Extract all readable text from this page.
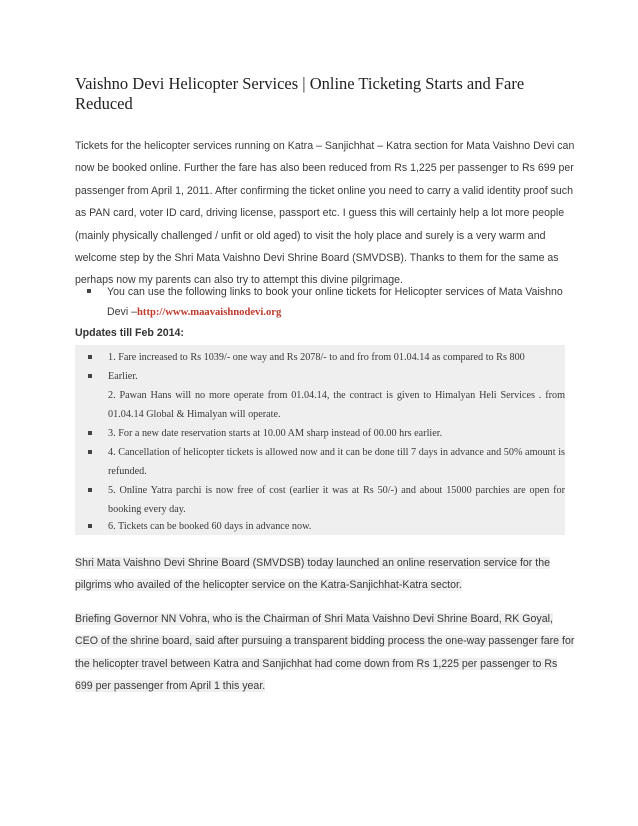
Vaishno Devi Helicopter Services | Online Ticketing Starts and Fare Reduced

Tickets for the helicopter services running on Katra – Sanjichhat – Katra section for Mata Vaishno Devi can now be booked online. Further the fare has also been reduced from Rs 1,225 per passenger to Rs 699 per passenger from April 1, 2011. After confirming the ticket online you need to carry a valid identity proof such as PAN card, voter ID card, driving license, passport etc. I guess this will certainly help a lot more people (mainly physically challenged / unfit or old aged) to visit the holy place and surely is a very warm and welcome step by the Shri Mata Vaishno Devi Shrine Board (SMVDSB). Thanks to them for the same as perhaps now my parents can also try to attempt this divine pilgrimage.

You can use the following links to book your online tickets for Helicopter services of Mata Vaishno Devi –http://www.maavaishnodevi.org
Updates till Feb 2014:
1. Fare increased to Rs 1039/- one way and Rs 2078/- to and fro from 01.04.14 as compared to Rs 800
Earlier.
2. Pawan Hans will no more operate from 01.04.14, the contract is given to Himalyan Heli Services . from 01.04.14 Global & Himalyan will operate.
3. For a new date reservation starts at 10.00 AM sharp instead of 00.00 hrs earlier.
4. Cancellation of helicopter tickets is allowed now and it can be done till 7 days in advance and 50% amount is refunded.
5. Online Yatra parchi is now free of cost (earlier it was at Rs 50/-) and about 15000 parchies are open for booking every day.
6. Tickets can be booked 60 days in advance now.

Shri Mata Vaishno Devi Shrine Board (SMVDSB) today launched an online reservation service for the pilgrims who availed of the helicopter service on the Katra-Sanjichhat-Katra sector.

Briefing Governor NN Vohra, who is the Chairman of Shri Mata Vaishno Devi Shrine Board, RK Goyal, CEO of the shrine board, said after pursuing a transparent bidding process the one-way passenger fare for the helicopter travel between Katra and Sanjichhat had come down from Rs 1,225 per passenger to Rs 699 per passenger from April 1 this year.
